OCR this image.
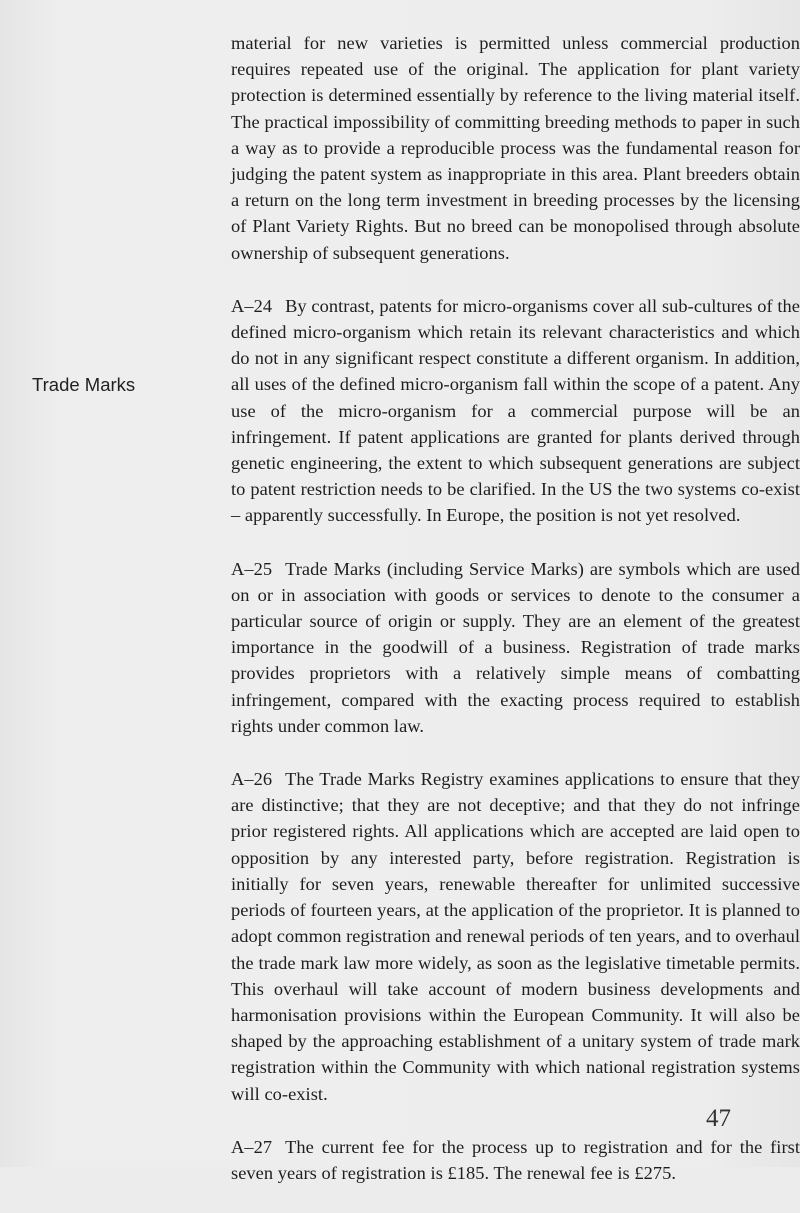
Trade Marks

material for new varieties is permitted unless commercial production requires repeated use of the original. The application for plant variety protection is determined essentially by reference to the living material itself. The practical impossibility of committing breeding methods to paper in such a way as to provide a reproducible process was the fundamental reason for judging the patent system as inappropriate in this area. Plant breeders obtain a return on the long term investment in breeding processes by the licensing of Plant Variety Rights. But no breed can be monopolised through absolute ownership of subsequent generations.

A–24 By contrast, patents for micro-organisms cover all sub-cultures of the defined micro-organism which retain its relevant characteristics and which do not in any significant respect constitute a different organism. In addition, all uses of the defined micro-organism fall within the scope of a patent. Any use of the micro-organism for a commercial purpose will be an infringement. If patent applications are granted for plants derived through genetic engineering, the extent to which subsequent generations are subject to patent restriction needs to be clarified. In the US the two systems co-exist – apparently successfully. In Europe, the position is not yet resolved.

A–25 Trade Marks (including Service Marks) are symbols which are used on or in association with goods or services to denote to the consumer a particular source of origin or supply. They are an element of the greatest importance in the goodwill of a business. Registration of trade marks provides proprietors with a relatively simple means of combatting infringement, compared with the exacting process required to establish rights under common law.

A–26 The Trade Marks Registry examines applications to ensure that they are distinctive; that they are not deceptive; and that they do not infringe prior registered rights. All applications which are accepted are laid open to opposition by any interested party, before registration. Registration is initially for seven years, renewable thereafter for unlimited successive periods of fourteen years, at the application of the proprietor. It is planned to adopt common registration and renewal periods of ten years, and to overhaul the trade mark law more widely, as soon as the legislative timetable permits. This overhaul will take account of modern business developments and harmonisation provisions within the European Community. It will also be shaped by the approaching establishment of a unitary system of trade mark registration within the Community with which national registration systems will co-exist.

A–27 The current fee for the process up to registration and for the first seven years of registration is £185. The renewal fee is £275.

47
